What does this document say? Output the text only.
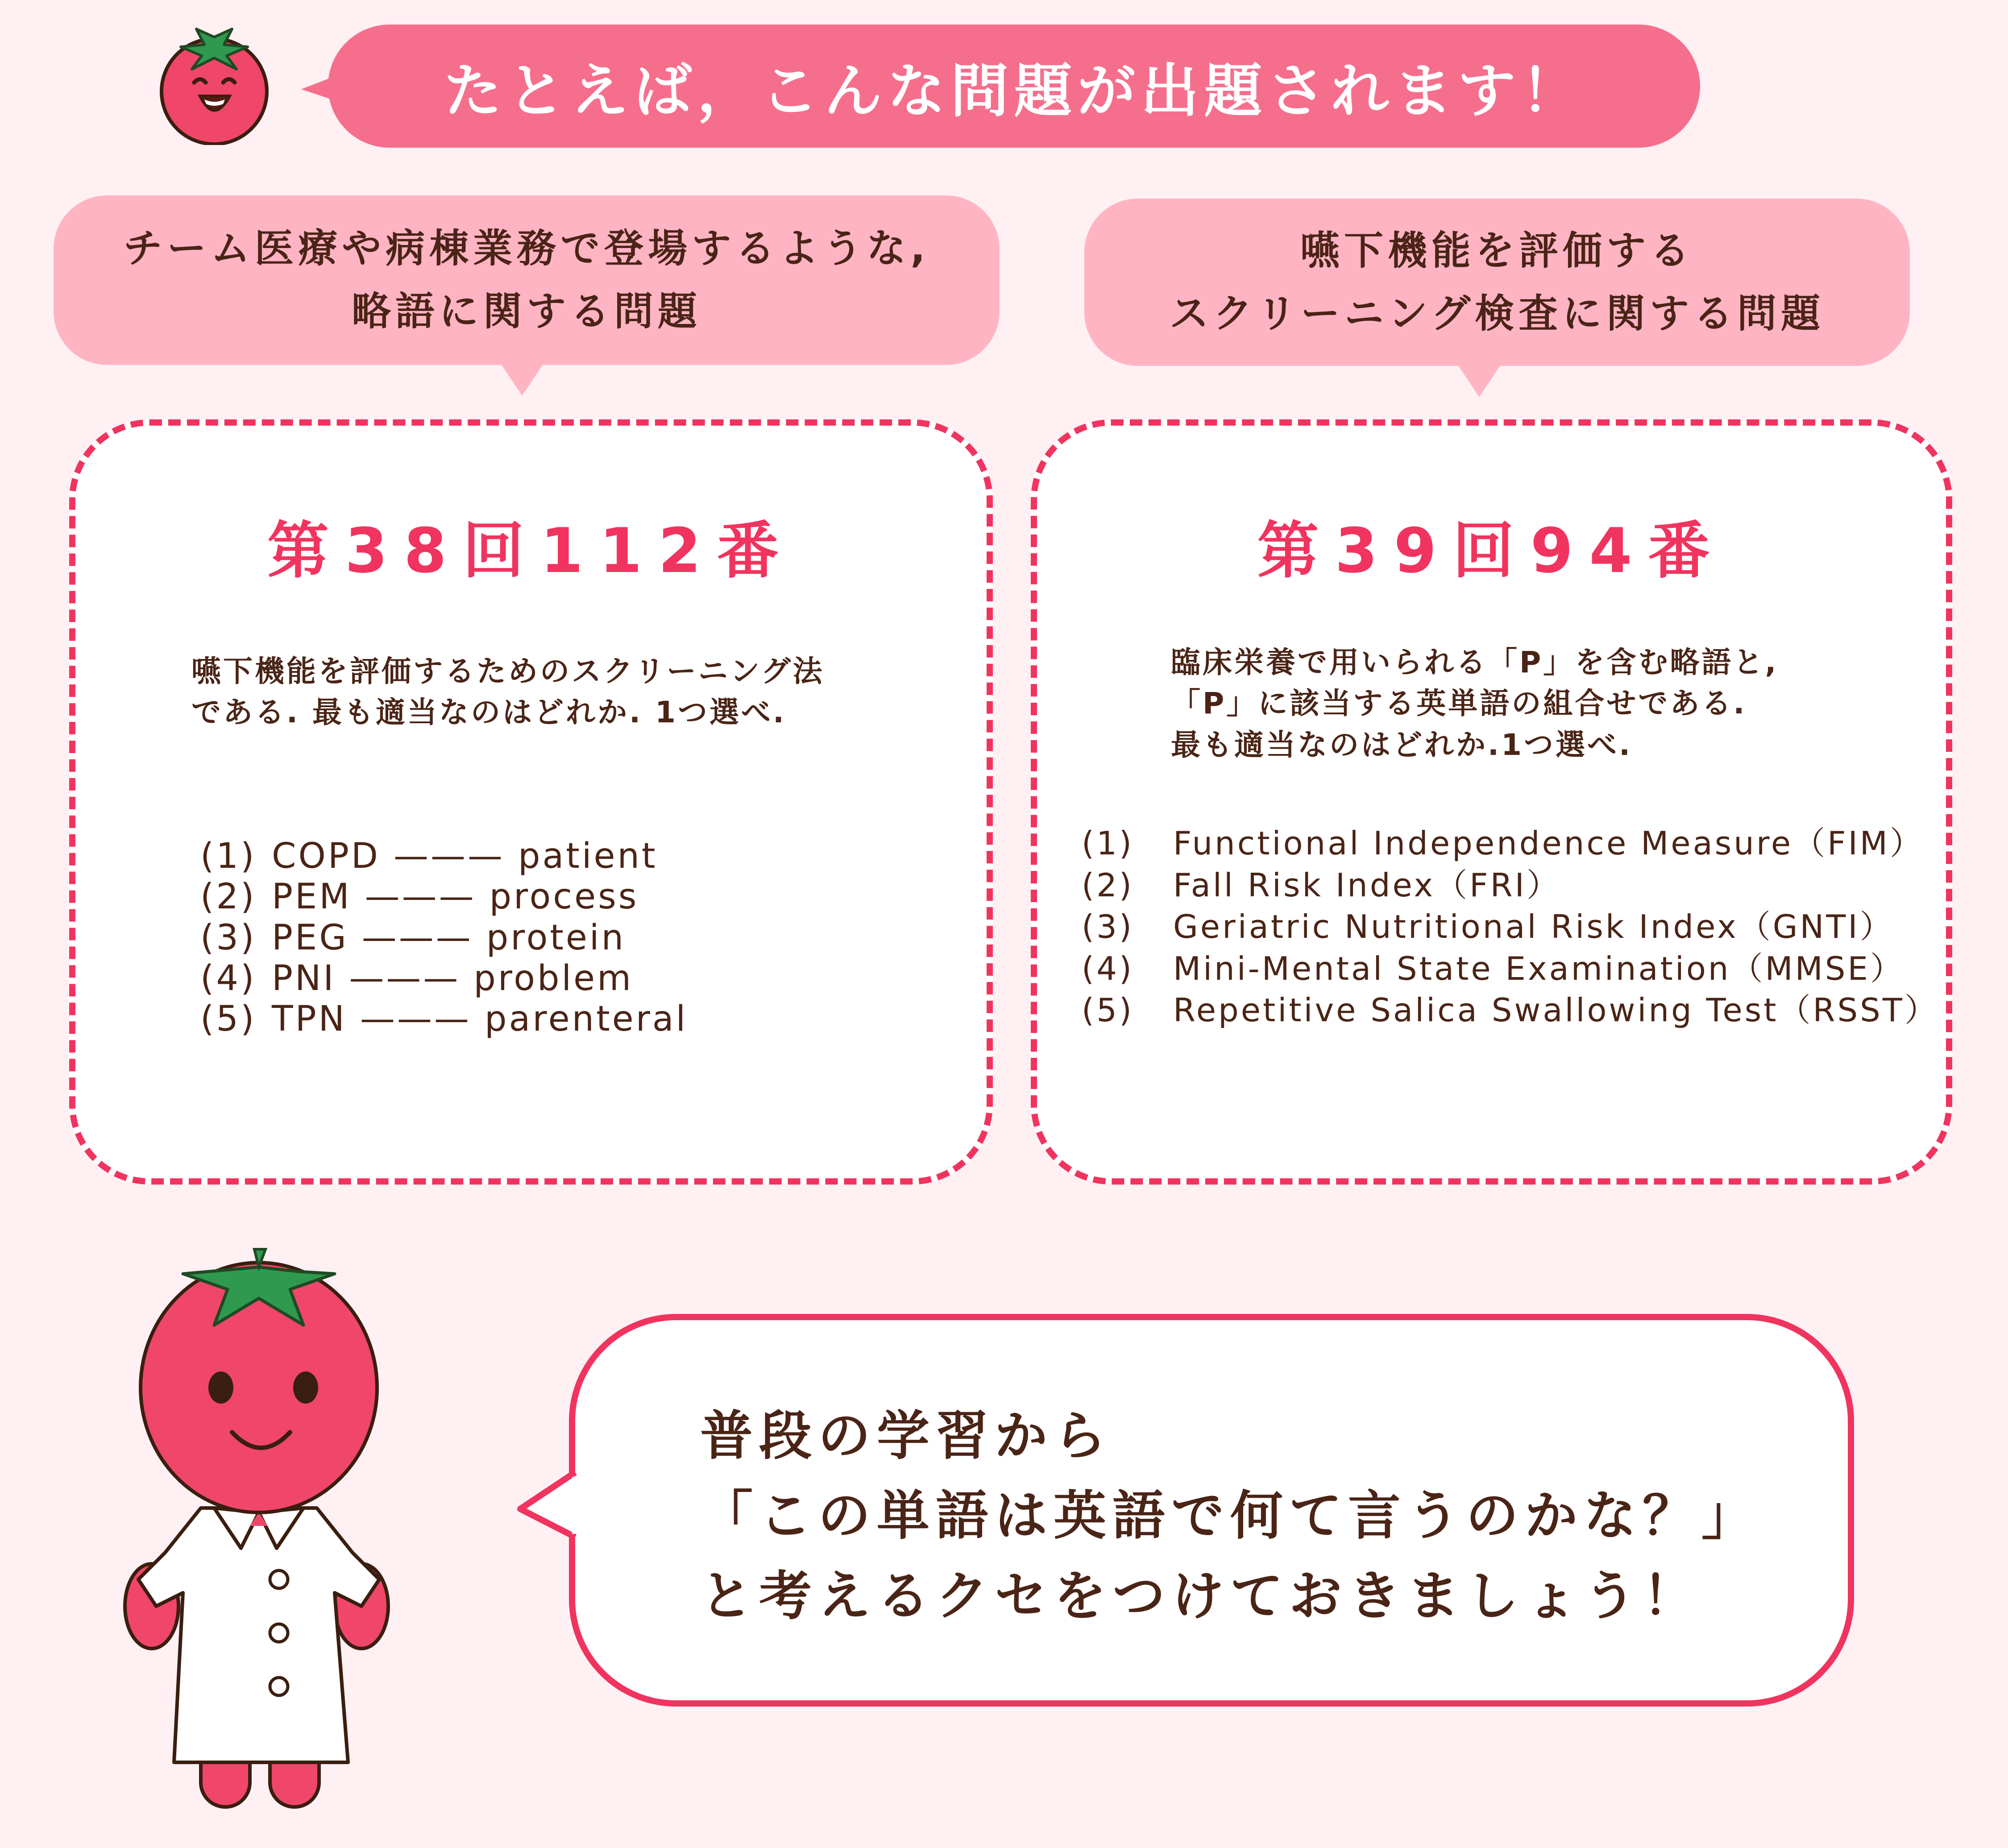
たとえば，こんな問題が出題されます！
チーム医療や病棟業務で登場するような,
略語に関する問題
嚥下機能を評価する
スクリーニング検査に関する問題
第38回112番
嚥下機能を評価するためのスクリーニング法
である. 最も適当なのはどれか. 1つ選べ.
(1) COPD ——— patient
(2) PEM ——— process
(3) PEG ——— protein
(4) PNI ——— problem
(5) TPN ——— parenteral
第39回94番
臨床栄養で用いられる「P」を含む略語と,
「P」に該当する英単語の組合せである.
最も適当なのはどれか.1つ選べ.
(1)	Functional Independence Measure（FIM）
(2)	Fall Risk Index（FRI）
(3)	Geriatric Nutritional Risk Index（GNTI）
(4)	Mini-Mental State Examination（MMSE）
(5)	Repetitive Salica Swallowing Test（RSST）
普段の学習から
「この単語は英語で何て言うのかな？」
と考えるクセをつけておきましょう！
